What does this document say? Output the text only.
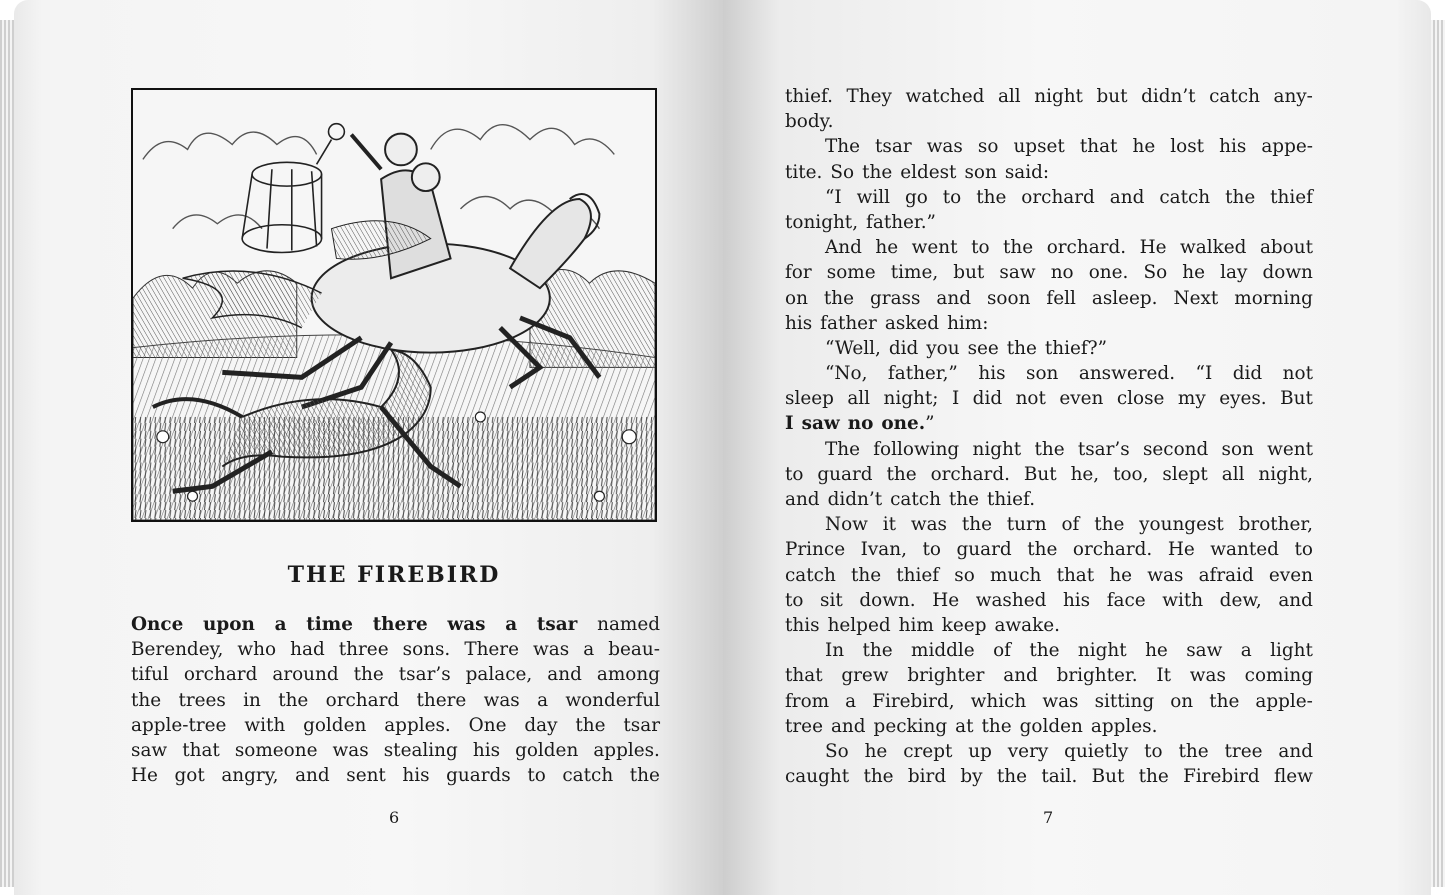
THE FIREBIRD
Once upon a time there was a tsar named
Berendey, who had three sons. There was a beau-
tiful orchard around the tsar’s palace, and among
the trees in the orchard there was a wonderful
apple-tree with golden apples. One day the tsar
saw that someone was stealing his golden apples.
He got angry, and sent his guards to catch the
thief. They watched all night but didn’t catch any-
body.
The tsar was so upset that he lost his appe-
tite. So the eldest son said:
“I will go to the orchard and catch the thief
tonight, father.”
And he went to the orchard. He walked about
for some time, but saw no one. So he lay down
on the grass and soon fell asleep. Next morning
his father asked him:
“Well, did you see the thief?”
“No, father,” his son answered. “I did not
sleep all night; I did not even close my eyes. But
I saw no one. ”
The following night the tsar’s second son went
to guard the orchard. But he, too, slept all night,
and didn’t catch the thief.
Now it was the turn of the youngest brother,
Prince Ivan, to guard the orchard. He wanted to
catch the thief so much that he was afraid even
to sit down. He washed his face with dew, and
this helped him keep awake.
In the middle of the night he saw a light
that grew brighter and brighter. It was coming
from a Firebird, which was sitting on the apple-
tree and pecking at the golden apples.
So he crept up very quietly to the tree and
caught the bird by the tail. But the Firebird flew
6	7
